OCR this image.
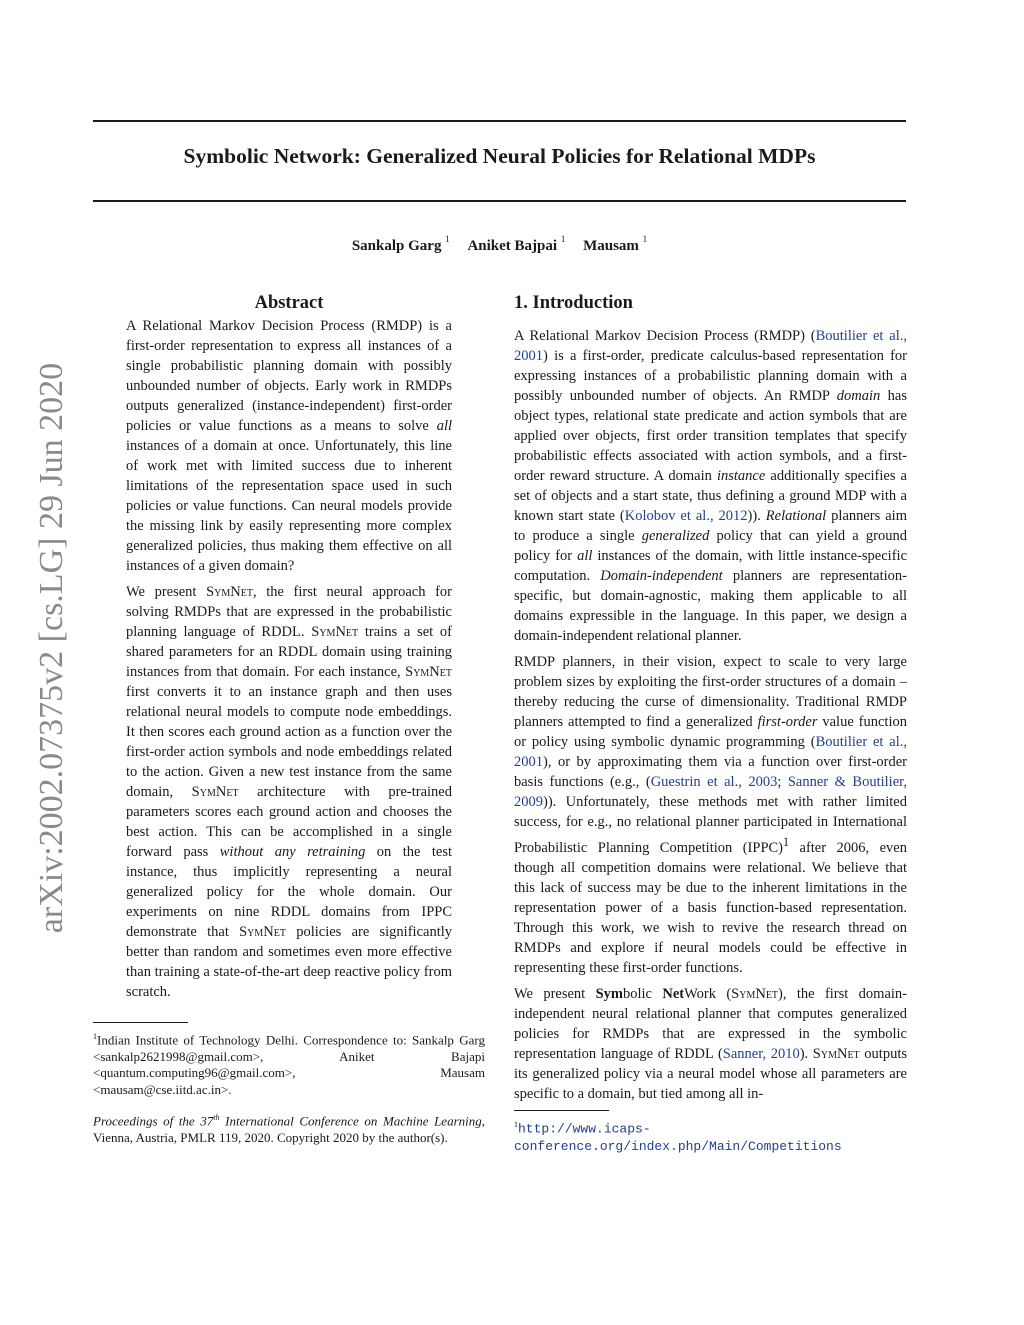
Symbolic Network: Generalized Neural Policies for Relational MDPs
Sankalp Garg $^1$ Aniket Bajpai $^1$ Mausam $^1$
arXiv:2002.07375v2 [cs.LG] 29 Jun 2020
Abstract

A Relational Markov Decision Process (RMDP) is a first-order representation to express all instances of a single probabilistic planning domain with possibly unbounded number of objects. Early work in RMDPs outputs generalized (instance-independent) first-order policies or value functions as a means to solve all instances of a domain at once. Unfortunately, this line of work met with limited success due to inherent limitations of the representation space used in such policies or value functions. Can neural models provide the missing link by easily representing more complex generalized policies, thus making them effective on all instances of a given domain?

We present SymNet, the first neural approach for solving RMDPs that are expressed in the probabilistic planning language of RDDL. SymNet trains a set of shared parameters for an RDDL domain using training instances from that domain. For each instance, SymNet first converts it to an instance graph and then uses relational neural models to compute node embeddings. It then scores each ground action as a function over the first-order action symbols and node embeddings related to the action. Given a new test instance from the same domain, SymNet architecture with pre-trained parameters scores each ground action and chooses the best action. This can be accomplished in a single forward pass without any retraining on the test instance, thus implicitly representing a neural generalized policy for the whole domain. Our experiments on nine RDDL domains from IPPC demonstrate that SymNet policies are significantly better than random and sometimes even more effective than training a state-of-the-art deep reactive policy from scratch.

$^1$Indian Institute of Technology Delhi. Correspondence to: Sankalp Garg <sankalp2621998@gmail.com>, Aniket Bajapi <quantum.computing96@gmail.com>, Mausam <mausam@cse.iitd.ac.in>.
Proceedings of the 37th International Conference on Machine Learning, Vienna, Austria, PMLR 119, 2020. Copyright 2020 by the author(s).
1. Introduction

A Relational Markov Decision Process (RMDP) (Boutilier et al., 2001) is a first-order, predicate calculus-based representation for expressing instances of a probabilistic planning domain with a possibly unbounded number of objects. An RMDP domain has object types, relational state predicate and action symbols that are applied over objects, first order transition templates that specify probabilistic effects associated with action symbols, and a first-order reward structure. A domain instance additionally specifies a set of objects and a start state, thus defining a ground MDP with a known start state (Kolobov et al., 2012)). Relational planners aim to produce a single generalized policy that can yield a ground policy for all instances of the domain, with little instance-specific computation. Domain-independent planners are representation-specific, but domain-agnostic, making them applicable to all domains expressible in the language. In this paper, we design a domain-independent relational planner.

RMDP planners, in their vision, expect to scale to very large problem sizes by exploiting the first-order structures of a domain – thereby reducing the curse of dimensionality. Traditional RMDP planners attempted to find a generalized first-order value function or policy using symbolic dynamic programming (Boutilier et al., 2001), or by approximating them via a function over first-order basis functions (e.g., (Guestrin et al., 2003; Sanner & Boutilier, 2009)). Unfortunately, these methods met with rather limited success, for e.g., no relational planner participated in International Probabilistic Planning Competition (IPPC)$^1$ after 2006, even though all competition domains were relational. We believe that this lack of success may be due to the inherent limitations in the representation power of a basis function-based representation. Through this work, we wish to revive the research thread on RMDPs and explore if neural models could be effective in representing these first-order functions.

We present Symbolic NetWork (SymNet), the first domain-independent neural relational planner that computes generalized policies for RMDPs that are expressed in the symbolic representation language of RDDL (Sanner, 2010). SymNet outputs its generalized policy via a neural model whose all parameters are specific to a domain, but tied among all in-

$^1$http://www.icaps-conference.org/index.php/Main/Competitions
